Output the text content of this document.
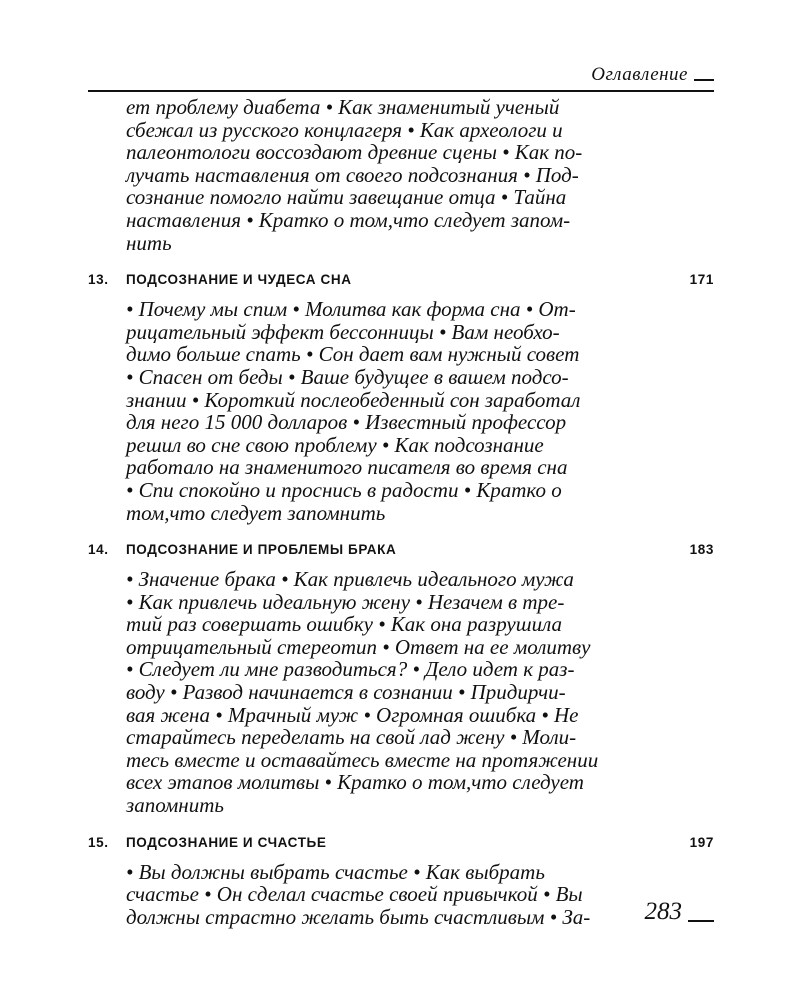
Оглавление
ет проблему диабета • Как знаменитый ученый
сбежал из русского концлагеря • Как археологи и
палеонтологи воссоздают древние сцены • Как по-
лучать наставления от своего подсознания • Под-
сознание помогло найти завещание отца • Тайна
наставления • Кратко о том,что следует запом-
нить
13.	ПОДСОЗНАНИЕ И ЧУДЕСА СНА	171
• Почему мы спим • Молитва как форма сна • От-
рицательный эффект бессонницы • Вам необхо-
димо больше спать • Сон дает вам нужный совет
• Спасен от беды • Ваше будущее в вашем подсо-
знании • Короткий послеобеденный сон заработал
для него 15 000 долларов • Известный профессор
решил во сне свою проблему • Как подсознание
работало на знаменитого писателя во время сна
• Спи спокойно и проснись в радости • Кратко о
том,что следует запомнить
14.	ПОДСОЗНАНИЕ И ПРОБЛЕМЫ БРАКА	183
• Значение брака • Как привлечь идеального мужа
• Как привлечь идеальную жену • Незачем в тре-
тий раз совершать ошибку • Как она разрушила
отрицательный стереотип • Ответ на ее молитву
• Следует ли мне разводиться? • Дело идет к раз-
воду • Развод начинается в сознании • Придирчи-
вая жена • Мрачный муж • Огромная ошибка • Не
старайтесь переделать на свой лад жену • Моли-
тесь вместе и оставайтесь вместе на протяжении
всех этапов молитвы • Кратко о том,что следует
запомнить
15.	ПОДСОЗНАНИЕ И СЧАСТЬЕ	197
• Вы должны выбрать счастье • Как выбрать
счастье • Он сделал счастье своей привычкой • Вы
должны страстно желать быть счастливым • За-	283
